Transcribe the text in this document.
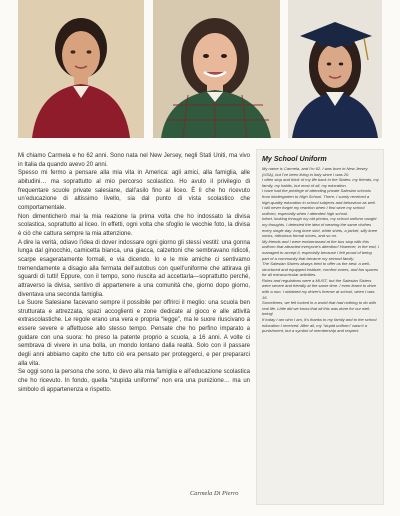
Mi chiamo Carmela e ho 62 anni. Sono nata nel New Jersey, negli Stati Uniti, ma vivo in Italia da quando avevo 20 anni.

Spesso mi fermo a pensare alla mia vita in America: agli amici, alla famiglia, alle abitudini… ma soprattutto al mio percorso scolastico. Ho avuto il privilegio di frequentare scuole private salesiane, dall’asilo fino al liceo. È lì che ho ricevuto un’educazione di altissimo livello, sia dal punto di vista scolastico che comportamentale.

Non dimenticherò mai la mia reazione la prima volta che ho indossato la divisa scolastica, soprattutto al liceo. In effetti, ogni volta che sfoglio le vecchie foto, la divisa è ciò che cattura sempre la mia attenzione.

A dire la verità, odiavo l’idea di dover indossare ogni giorno gli stessi vestiti: una gonna lunga dal ginocchio, camicetta bianca, una giacca, calzettoni che sembravano ridicoli, scarpe esageratamente formali, e via dicendo. Io e le mie amiche ci sentivamo tremendamente a disagio alla fermata dell’autobus con quell’uniforme che attirava gli sguardi di tutti! Eppure, con il tempo, sono riuscita ad accettarla—soprattutto perché, attraverso la divisa, sentivo di appartenere a una comunità che, giorno dopo giorno, diventava una seconda famiglia.

Le Suore Salesiane facevano sempre il possibile per offrirci il meglio: una scuola ben strutturata e attrezzata, spazi accoglienti e zone dedicate al gioco e alle attività extrascolastiche. Le regole erano una vera e propria “legge”, ma le suore riuscivano a essere severe e affettuose allo stesso tempo. Pensate che ho perfino imparato a guidare con una suora: ho preso la patente proprio a scuola, a 16 anni. A volte ci sembrava di vivere in una bolla, un mondo lontano dalla realtà. Solo con il passare degli anni abbiamo capito che tutto ciò era pensato per proteggerci, e per prepararci alla vita.

Se oggi sono la persona che sono, lo devo alla mia famiglia e all’educazione scolastica che ho ricevuto. In fondo, quella “stupida uniforme” non era una punizione… ma un simbolo di appartenenza e rispetto.

Carmela Di Pierro
My School Uniform

My name is Carmela, and I'm 62. I was born in New Jersey (USA), but I've been living in Italy since I was 20.

I often stop and think of my life back in the States: my friends, my family, my habits, but most of all, my education.

I have had the privilege of attending private Salesian schools from kindergarten to High School. There, I surely received a high-quality education in school subjects and behaviour as well.

I will never forget my reaction when I first wore my school uniform, especially when I attended high school.

Infact, looking through my old photos, my school uniform caught my thoughts. I detested the idea of wearing the same clothes every single day: long knee skirt, white shirts, a jacket, silly knee socks, ridiculous formal shoes, and so on.

My friends and I were embarrassed at the bus stop with this uniform that attracted everyone's attention! However, in the end, I managed to accept it, especially because I felt proud of being part of a community that became my second family.

The Salesian Sisters always tried to offer us the best: a well-structured and equipped institute, comfort zones, and fun spaces for all extracurricular activities.

Rules and regulations were a MUST, but the Salesian Sisters were severe and friendly at the same time. I even learnt to drive with a nun. I obtained my driver's license at school, when I was 16.

Sometimes, we felt locked in a world that had nothing to do with real life. Little did we know that all this was done for our well-being!

If today I am who I am, it's thanks to my family and to the school education I received. After all, my "stupid uniform" wasn't a punishment, but a symbol of membership and respect.
